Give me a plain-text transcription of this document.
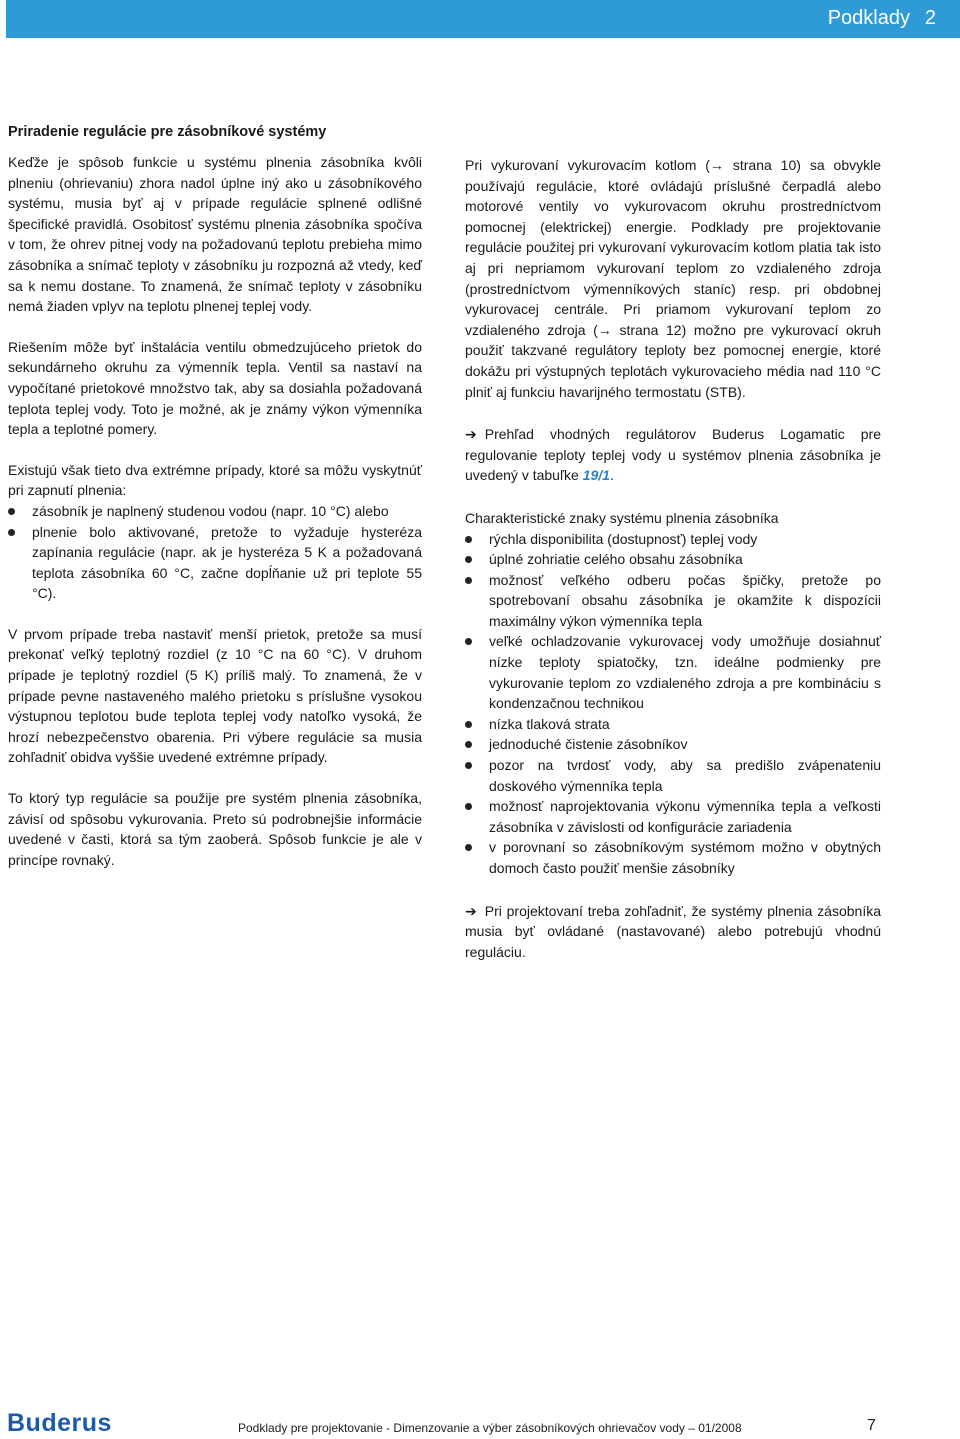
Podklady 2
Priradenie regulácie pre zásobníkové systémy

Keďže je spôsob funkcie u systému plnenia zásobníka kvôli plneniu (ohrievaniu) zhora nadol úplne iný ako u zásobníkového systému, musia byť aj v prípade regulácie splnené odlišné špecifické pravidlá. Osobitosť systému plnenia zásobníka spočíva v tom, že ohrev pitnej vody na požadovanú teplotu prebieha mimo zásobníka a snímač teploty v zásobníku ju rozpozná až vtedy, keď sa k nemu dostane. To znamená, že snímač teploty v zásobníku nemá žiaden vplyv na teplotu plnenej teplej vody.

Riešením môže byť inštalácia ventilu obmedzujúceho prietok do sekundárneho okruhu za výmenník tepla. Ventil sa nastaví na vypočítané prietokové množstvo tak, aby sa dosiahla požadovaná teplota teplej vody. Toto je možné, ak je známy výkon výmenníka tepla a teplotné pomery.

Existujú však tieto dva extrémne prípady, ktoré sa môžu vyskytnúť pri zapnutí plnenia:

zásobník je naplnený studenou vodou (napr. 10 °C) alebo
plnenie bolo aktivované, pretože to vyžaduje hysteréza zapínania regulácie (napr. ak je hysteréza 5 K a požadovaná teplota zásobníka 60 °C, začne dopĺňanie už pri teplote 55 °C).

V prvom prípade treba nastaviť menší prietok, pretože sa musí prekonať veľký teplotný rozdiel (z 10 °C na 60 °C). V druhom prípade je teplotný rozdiel (5 K) príliš malý. To znamená, že v prípade pevne nastaveného malého prietoku s príslušne vysokou výstupnou teplotou bude teplota teplej vody natoľko vysoká, že hrozí nebezpečenstvo obarenia. Pri výbere regulácie sa musia zohľadniť obidva vyššie uvedené extrémne prípady.

To ktorý typ regulácie sa použije pre systém plnenia zásobníka, závisí od spôsobu vykurovania. Preto sú podrobnejšie informácie uvedené v časti, ktorá sa tým zaoberá. Spôsob funkcie je ale v princípe rovnaký.

Pri vykurovaní vykurovacím kotlom (→ strana 10) sa obvykle používajú regulácie, ktoré ovládajú príslušné čerpadlá alebo motorové ventily vo vykurovacom okruhu prostredníctvom pomocnej (elektrickej) energie. Podklady pre projektovanie regulácie použitej pri vykurovaní vykurovacím kotlom platia tak isto aj pri nepriamom vykurovaní teplom zo vzdialeného zdroja (prostredníctvom výmenníkových staníc) resp. pri obdobnej vykurovacej centrále. Pri priamom vykurovaní teplom zo vzdialeného zdroja (→ strana 12) možno pre vykurovací okruh použiť takzvané regulátory teploty bez pomocnej energie, ktoré dokážu pri výstupných teplotách vykurovacieho média nad 110 °C plniť aj funkciu havarijného termostatu (STB).

➔ Prehľad vhodných regulátorov Buderus Logamatic pre regulovanie teploty teplej vody u systémov plnenia zásobníka je uvedený v tabuľke 19/1.

Charakteristické znaky systému plnenia zásobníka

rýchla disponibilita (dostupnosť) teplej vody
úplné zohriatie celého obsahu zásobníka
možnosť veľkého odberu počas špičky, pretože po spotrebovaní obsahu zásobníka je okamžite k dispozícii maximálny výkon výmenníka tepla
veľké ochladzovanie vykurovacej vody umožňuje dosiahnuť nízke teploty spiatočky, tzn. ideálne podmienky pre vykurovanie teplom zo vzdialeného zdroja a pre kombináciu s kondenzačnou technikou
nízka tlaková strata
jednoduché čistenie zásobníkov
pozor na tvrdosť vody, aby sa predišlo zvápenateniu doskového výmenníka tepla
možnosť naprojektovania výkonu výmenníka tepla a veľkosti zásobníka v závislosti od konfigurácie zariadenia
v porovnaní so zásobníkovým systémom možno v obytných domoch často použiť menšie zásobníky

➔ Pri projektovaní treba zohľadniť, že systémy plnenia zásobníka musia byť ovládané (nastavované) alebo potrebujú vhodnú reguláciu.

Buderus	Podklady pre projektovanie - Dimenzovanie a výber zásobníkových ohrievačov vody – 01/2008	7
